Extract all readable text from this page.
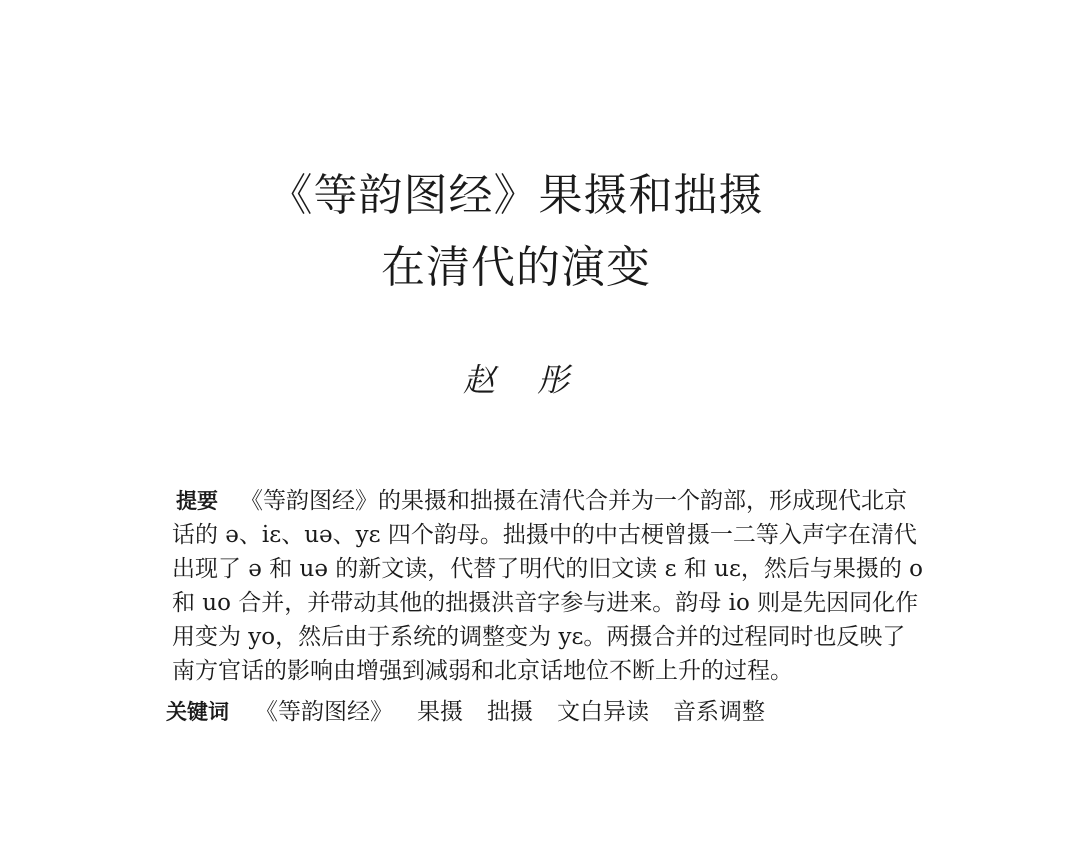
《等韵图经》果摄和拙摄
在清代的演变
赵 彤
提要 《等韵图经》的果摄和拙摄在清代合并为一个韵部，形成现代北京
话的 ə、iɛ、uə、yɛ 四个韵母。拙摄中的中古梗曾摄一二等入声字在清代
出现了 ə 和 uə 的新文读，代替了明代的旧文读 ɛ 和 uɛ，然后与果摄的 o
和 uo 合并，并带动其他的拙摄洪音字参与进来。韵母 io 则是先因同化作
用变为 yo，然后由于系统的调整变为 yɛ。两摄合并的过程同时也反映了
南方官话的影响由增强到减弱和北京话地位不断上升的过程。
关键词 《等韵图经》 果摄 拙摄 文白异读 音系调整
